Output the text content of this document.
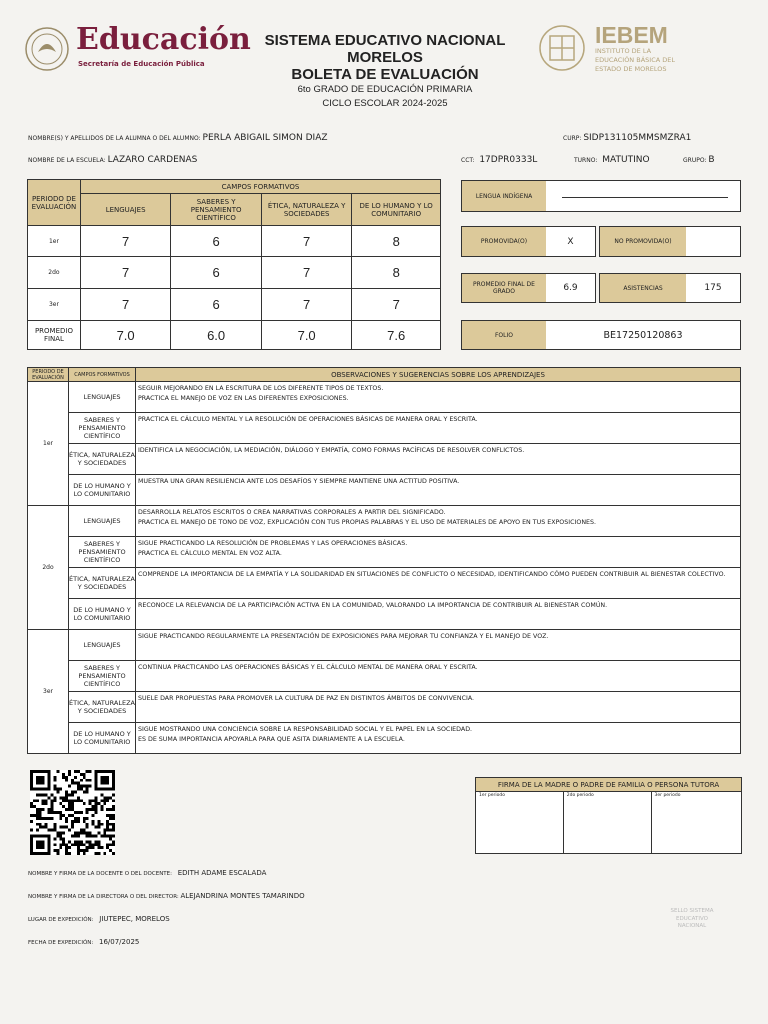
Educación
Secretaría de Educación Pública
SISTEMA EDUCATIVO NACIONAL
MORELOS
BOLETA DE EVALUACIÓN
6to GRADO DE EDUCACIÓN PRIMARIA
CICLO ESCOLAR 2024-2025
IEBEM
INSTITUTO DE LA
EDUCACIÓN BÁSICA DEL
ESTADO DE MORELOS
NOMBRE(S) Y APELLIDOS DE LA ALUMNA O DEL ALUMNO: PERLA ABIGAIL SIMON DIAZ	CURP: SIDP131105MMSMZRA1
NOMBRE DE LA ESCUELA: LAZARO CARDENAS	CCT: 17DPR0333L	TURNO: MATUTINO	GRUPO: B
PERIODO DE EVALUACIÓN	CAMPOS FORMATIVOS			
	LENGUAJES	SABERES Y PENSAMIENTO CIENTÍFICO	ÉTICA, NATURALEZA Y SOCIEDADES	DE LO HUMANO Y LO COMUNITARIO
1er	7	6	7	8
2do	7	6	7	8
3er	7	6	7	7
PROMEDIO FINAL	7.0	6.0	7.0	7.6
LENGUA INDÍGENA
PROMOVIDA(O)	X	NO PROMOVIDA(O)
PROMEDIO FINAL DE GRADO	6.9	ASISTENCIAS	175
FOLIO	BE17250120863
PERIODO DE EVALUACIÓN	CAMPOS FORMATIVOS	OBSERVACIONES Y SUGERENCIAS SOBRE LOS APRENDIZAJES
1er	LENGUAJES	SEGUIR MEJORANDO EN LA ESCRITURA DE LOS DIFERENTE TIPOS DE TEXTOS.
PRACTICA EL MANEJO DE VOZ EN LAS DIFERENTES EXPOSICIONES.
	SABERES Y PENSAMIENTO CIENTÍFICO	PRACTICA EL CÁLCULO MENTAL Y LA RESOLUCIÓN DE OPERACIONES BÁSICAS DE MANERA ORAL Y ESCRITA.
	ÉTICA, NATURALEZA Y SOCIEDADES	IDENTIFICA LA NEGOCIACIÓN, LA MEDIACIÓN, DIÁLOGO Y EMPATÍA, COMO FORMAS PACÍFICAS DE RESOLVER CONFLICTOS.
	DE LO HUMANO Y LO COMUNITARIO	MUESTRA UNA GRAN RESILIENCIA ANTE LOS DESAFÍOS Y SIEMPRE MANTIENE UNA ACTITUD POSITIVA.
2do	LENGUAJES	DESARROLLA RELATOS ESCRITOS O CREA NARRATIVAS CORPORALES A PARTIR DEL SIGNIFICADO.
PRACTICA EL MANEJO DE TONO DE VOZ, EXPLICACIÓN CON TUS PROPIAS PALABRAS Y EL USO DE MATERIALES DE APOYO EN TUS EXPOSICIONES.
	SABERES Y PENSAMIENTO CIENTÍFICO	SIGUE PRACTICANDO LA RESOLUCIÓN DE PROBLEMAS Y LAS OPERACIONES BÁSICAS.
PRACTICA EL CÁLCULO MENTAL EN VOZ ALTA.
	ÉTICA, NATURALEZA Y SOCIEDADES	COMPRENDE LA IMPORTANCIA DE LA EMPATÍA Y LA SOLIDARIDAD EN SITUACIONES DE CONFLICTO O NECESIDAD, IDENTIFICANDO CÓMO PUEDEN CONTRIBUIR AL BIENESTAR COLECTIVO.
	DE LO HUMANO Y LO COMUNITARIO	RECONOCE LA RELEVANCIA DE LA PARTICIPACIÓN ACTIVA EN LA COMUNIDAD, VALORANDO LA IMPORTANCIA DE CONTRIBUIR AL BIENESTAR COMÚN.
3er	LENGUAJES	SIGUE PRACTICANDO REGULARMENTE LA PRESENTACIÓN DE EXPOSICIONES PARA MEJORAR TU CONFIANZA Y EL MANEJO DE VOZ.
	SABERES Y PENSAMIENTO CIENTÍFICO	CONTINUA PRACTICANDO LAS OPERACIONES BÁSICAS Y EL CÁLCULO MENTAL DE MANERA ORAL Y ESCRITA.
	ÉTICA, NATURALEZA Y SOCIEDADES	SUELE DAR PROPUESTAS PARA PROMOVER LA CULTURA DE PAZ EN DISTINTOS ÁMBITOS DE CONVIVENCIA.
	DE LO HUMANO Y LO COMUNITARIO	SIGUE MOSTRANDO UNA CONCIENCIA SOBRE LA RESPONSABILIDAD SOCIAL Y EL PAPEL EN LA SOCIEDAD.
ES DE SUMA IMPORTANCIA APOYARLA PARA QUE ASITA DIARIAMENTE A LA ESCUELA.
FIRMA DE LA MADRE O PADRE DE FAMILIA O PERSONA TUTORA
1er periodo	2do periodo	3er periodo
NOMBRE Y FIRMA DE LA DOCENTE O DEL DOCENTE: EDITH ADAME ESCALADA
NOMBRE Y FIRMA DE LA DIRECTORA O DEL DIRECTOR: ALEJANDRINA MONTES TAMARINDO
LUGAR DE EXPEDICIÓN: JIUTEPEC, MORELOS
FECHA DE EXPEDICIÓN: 16/07/2025
SELLO SISTEMA EDUCATIVO NACIONAL
